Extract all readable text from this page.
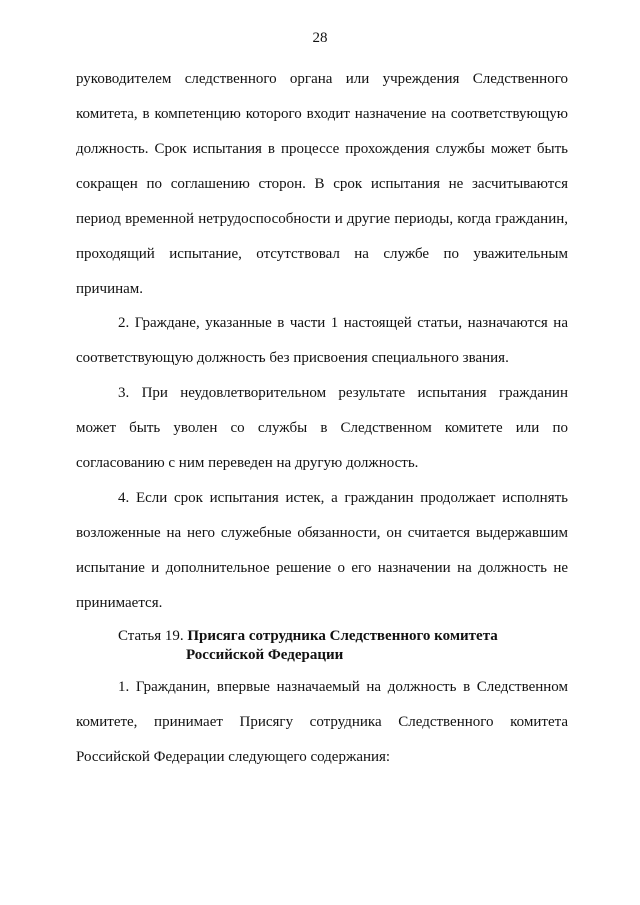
28

руководителем следственного органа или учреждения Следственного комитета, в компетенцию которого входит назначение на соответствующую должность. Срок испытания в процессе прохождения службы может быть сокращен по соглашению сторон. В срок испытания не засчитываются период временной нетрудоспособности и другие периоды, когда гражданин, проходящий испытание, отсутствовал на службе по уважительным причинам.

2. Граждане, указанные в части 1 настоящей статьи, назначаются на соответствующую должность без присвоения специального звания.

3. При неудовлетворительном результате испытания гражданин может быть уволен со службы в Следственном комитете или по согласованию с ним переведен на другую должность.

4. Если срок испытания истек, а гражданин продолжает исполнять возложенные на него служебные обязанности, он считается выдержавшим испытание и дополнительное решение о его назначении на должность не принимается.

Статья 19. Присяга сотрудника Следственного комитета
Российской Федерации

1. Гражданин, впервые назначаемый на должность в Следственном комитете, принимает Присягу сотрудника Следственного комитета Российской Федерации следующего содержания:
